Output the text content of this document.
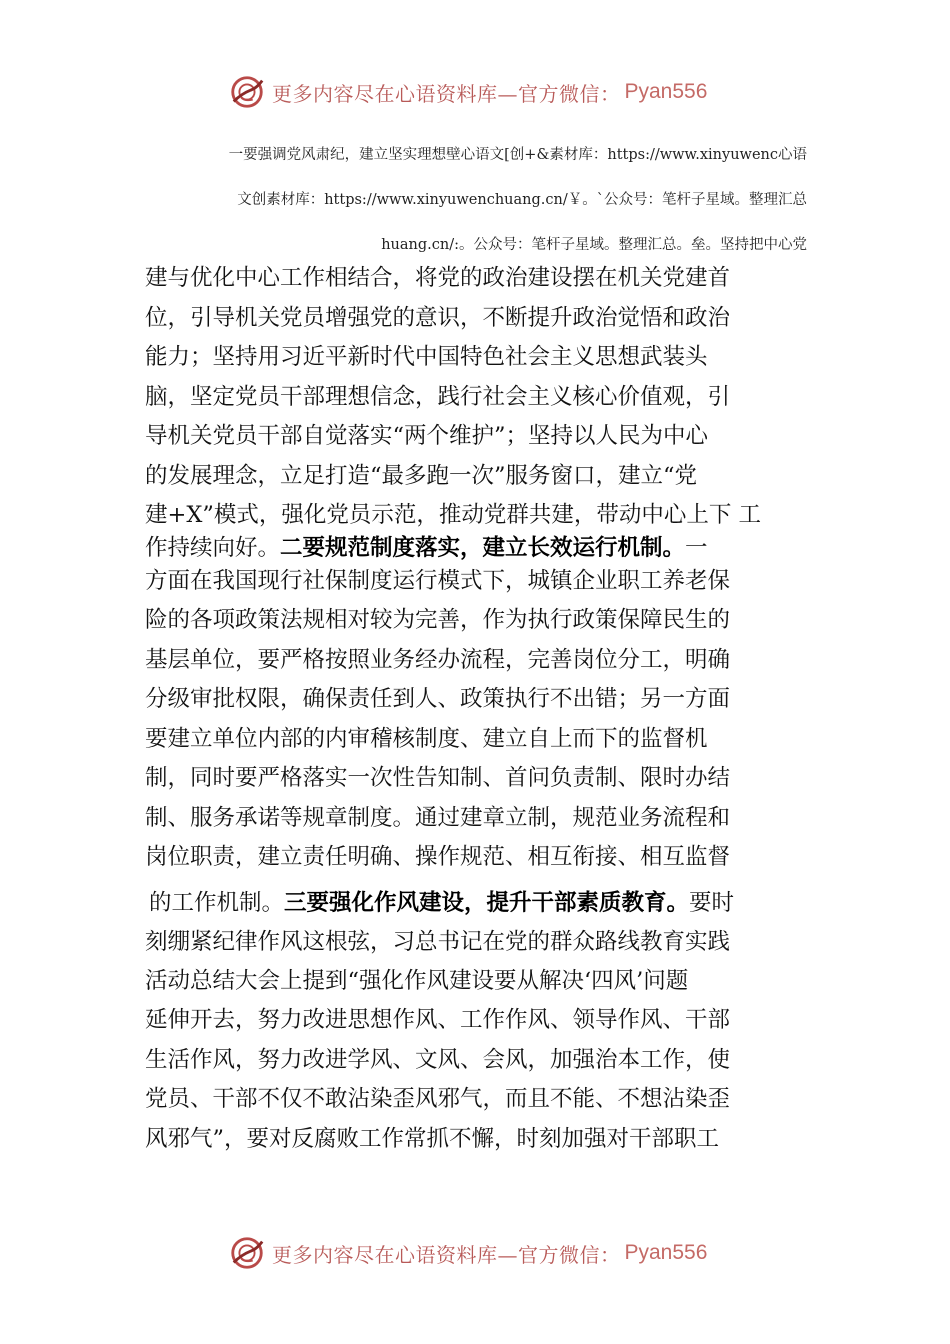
更多内容尽在心语资料库—官方微信： Pyan556
一要强调党风肃纪，建立坚实理想壁心语文[创+&素材库：https://www.xinyuwenc心语
文创素材库：https://www.xinyuwenchuang.cn/￥。`公众号：笔杆子星域。整理汇总
huang.cn/:。公众号：笔杆子星域。整理汇总。垒。坚持把中心党
建与优化中心工作相结合，将党的政治建设摆在机关党建首
位，引导机关党员增强党的意识，不断提升政治觉悟和政治
能力；坚持用习近平新时代中国特色社会主义思想武装头
脑，坚定党员干部理想信念，践行社会主义核心价值观，引
导机关党员干部自觉落实“两个维护”；坚持以人民为中心
的发展理念，立足打造“最多跑一次”服务窗口，建立“党
建+X”模式，强化党员示范，推动党群共建，带动中心上下 工
作持续向好。二要规范制度落实，建立长效运行机制。一
方面在我国现行社保制度运行模式下，城镇企业职工养老保
险的各项政策法规相对较为完善，作为执行政策保障民生的
基层单位，要严格按照业务经办流程，完善岗位分工，明确
分级审批权限，确保责任到人、政策执行不出错；另一方面
要建立单位内部的内审稽核制度、建立自上而下的监督机
制，同时要严格落实一次性告知制、首问负责制、限时办结
制、服务承诺等规章制度。通过建章立制，规范业务流程和
岗位职责，建立责任明确、操作规范、相互衔接、相互监督
的工作机制。三要强化作风建设，提升干部素质教育。要时
刻绷紧纪律作风这根弦，习总书记在党的群众路线教育实践
活动总结大会上提到“强化作风建设要从解决‘四风’问题
延伸开去，努力改进思想作风、工作作风、领导作风、干部
生活作风，努力改进学风、文风、会风，加强治本工作，使
党员、干部不仅不敢沾染歪风邪气，而且不能、不想沾染歪
风邪气”，要对反腐败工作常抓不懈，时刻加强对干部职工
更多内容尽在心语资料库—官方微信： Pyan556
